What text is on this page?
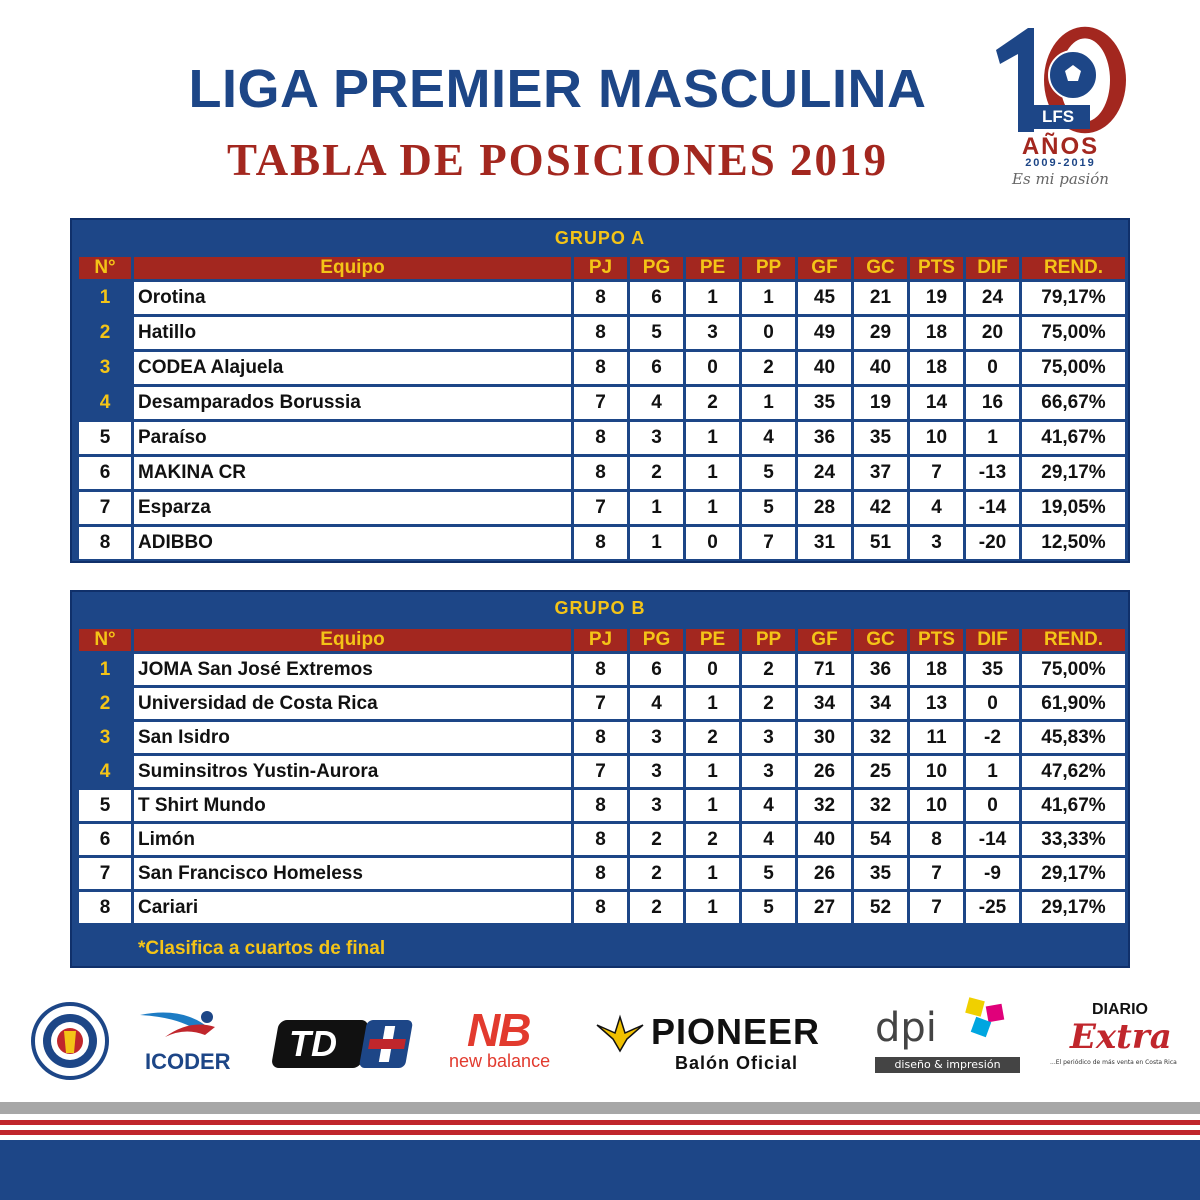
LIGA PREMIER MASCULINA
TABLA DE POSICIONES 2019
LFS
AÑOS
2009-2019
Es mi pasión
GRUPO A
N°	Equipo	PJ	PG	PE	PP	GF	GC	PTS	DIF	REND.
1	Orotina	8	6	1	1	45	21	19	24	79,17%
2	Hatillo	8	5	3	0	49	29	18	20	75,00%
3	CODEA Alajuela	8	6	0	2	40	40	18	0	75,00%
4	Desamparados Borussia	7	4	2	1	35	19	14	16	66,67%
5	Paraíso	8	3	1	4	36	35	10	1	41,67%
6	MAKINA CR	8	2	1	5	24	37	7	-13	29,17%
7	Esparza	7	1	1	5	28	42	4	-14	19,05%
8	ADIBBO	8	1	0	7	31	51	3	-20	12,50%
GRUPO B
N°	Equipo	PJ	PG	PE	PP	GF	GC	PTS	DIF	REND.
1	JOMA San José Extremos	8	6	0	2	71	36	18	35	75,00%
2	Universidad de Costa Rica	7	4	1	2	34	34	13	0	61,90%
3	San Isidro	8	3	2	3	30	32	11	-2	45,83%
4	Suminsitros Yustin-Aurora	7	3	1	3	26	25	10	1	47,62%
5	T Shirt Mundo	8	3	1	4	32	32	10	0	41,67%
6	Limón	8	2	2	4	40	54	8	-14	33,33%
7	San Francisco Homeless	8	2	1	5	26	35	7	-9	29,17%
8	Cariari	8	2	1	5	27	52	7	-25	29,17%
*Clasifica a cuartos de final
ICODER TD	NB
new balance
PIONEER
Balón Oficial
dpi
diseño & impresión
DIARIO
Extra
...El periódico de más venta en Costa Rica
